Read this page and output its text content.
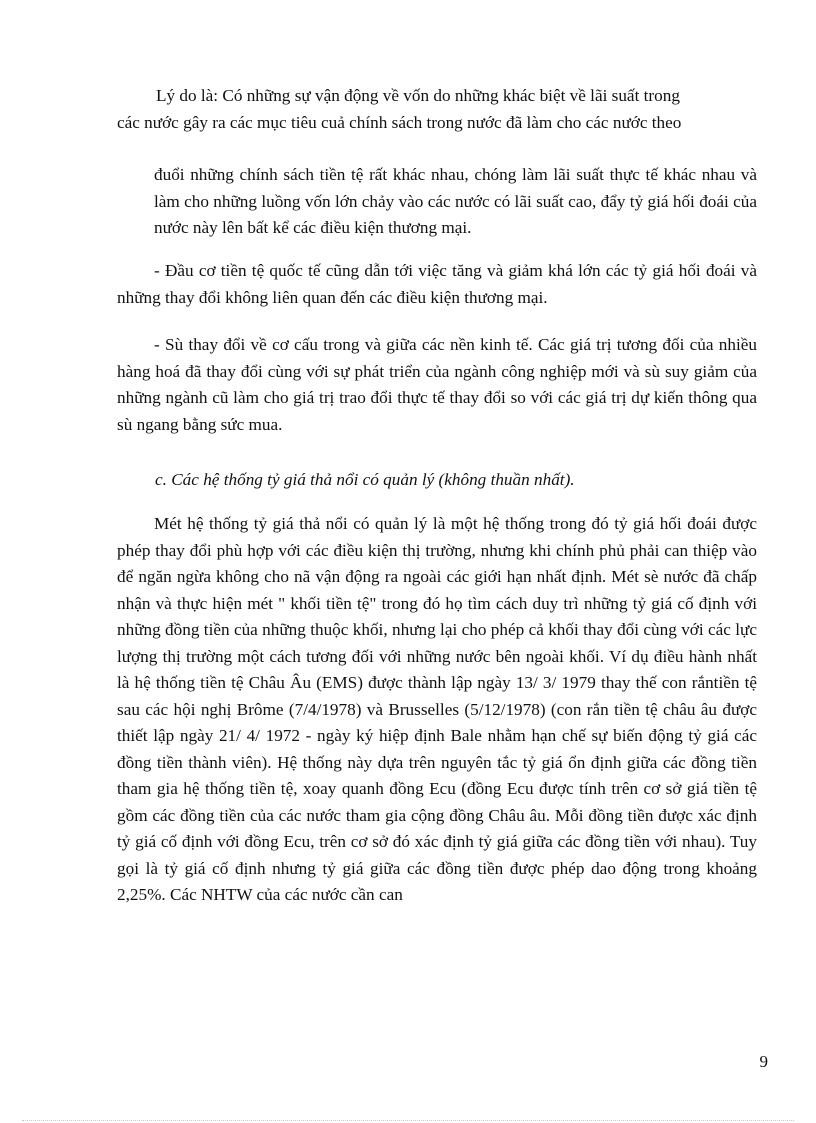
Lý do là: Có những sự vận động về vốn do những khác biệt về lãi suất trong
các nước gây ra các mục tiêu cuả chính sách trong nước đã làm cho các nước theo

đuổi những chính sách tiền tệ rất khác nhau, chóng làm lãi suất thực tế khác nhau và làm cho những luồng vốn lớn chảy vào các nước có lãi suất cao, đẩy tỷ giá hối đoái của nước này lên bất kể các điều kiện thương mại.

- Đầu cơ tiền tệ quốc tế cũng dẫn tới việc tăng và giảm khá lớn các tỷ giá hối đoái và những thay đổi không liên quan đến các điều kiện thương mại.

- Sù thay đổi về cơ cấu trong và giữa các nền kinh tế. Các giá trị tương đối của nhiều hàng hoá đã thay đổi cùng với sự phát triển của ngành công nghiệp mới và sù suy giảm của những ngành cũ làm cho giá trị trao đổi thực tế thay đổi so với các giá trị dự kiến thông qua sù ngang bằng sức mua.

c. Các hệ thống tỷ giá thả nổi có quản lý (không thuần nhất).

Mét hệ thống tỷ giá thả nổi có quản lý là một hệ thống trong đó tỷ giá hối đoái được phép thay đổi phù hợp với các điều kiện thị trường, nhưng khi chính phủ phải can thiệp vào để ngăn ngừa không cho nã vận động ra ngoài các giới hạn nhất định. Mét sè nước đã chấp nhận và thực hiện mét " khối tiền tệ" trong đó họ tìm cách duy trì những tỷ giá cố định với những đồng tiền của những thuộc khối, nhưng lại cho phép cả khối thay đổi cùng với các lực lượng thị trường một cách tương đối với những nước bên ngoài khối. Ví dụ điều hành nhất là hệ thống tiền tệ Châu Âu (EMS) được thành lập ngày 13/ 3/ 1979 thay thế con rắntiền tệ sau các hội nghị Brôme (7/4/1978) và Brusselles (5/12/1978) (con rắn tiền tệ châu âu được thiết lập ngày 21/ 4/ 1972 - ngày ký hiệp định Bale nhằm hạn chế sự biến động tỷ giá các đồng tiền thành viên). Hệ thống này dựa trên nguyên tắc tỷ giá ổn định giữa các đồng tiền tham gia hệ thống tiền tệ, xoay quanh đồng Ecu (đồng Ecu được tính trên cơ sở giá tiền tệ gồm các đồng tiền của các nước tham gia cộng đồng Châu âu. Mỗi đồng tiền được xác định tỷ giá cố định với đồng Ecu, trên cơ sở đó xác định tỷ giá giữa các đồng tiền với nhau). Tuy gọi là tỷ giá cố định nhưng tỷ giá giữa các đồng tiền được phép dao động trong khoảng 2,25%. Các NHTW của các nước cần can

9
